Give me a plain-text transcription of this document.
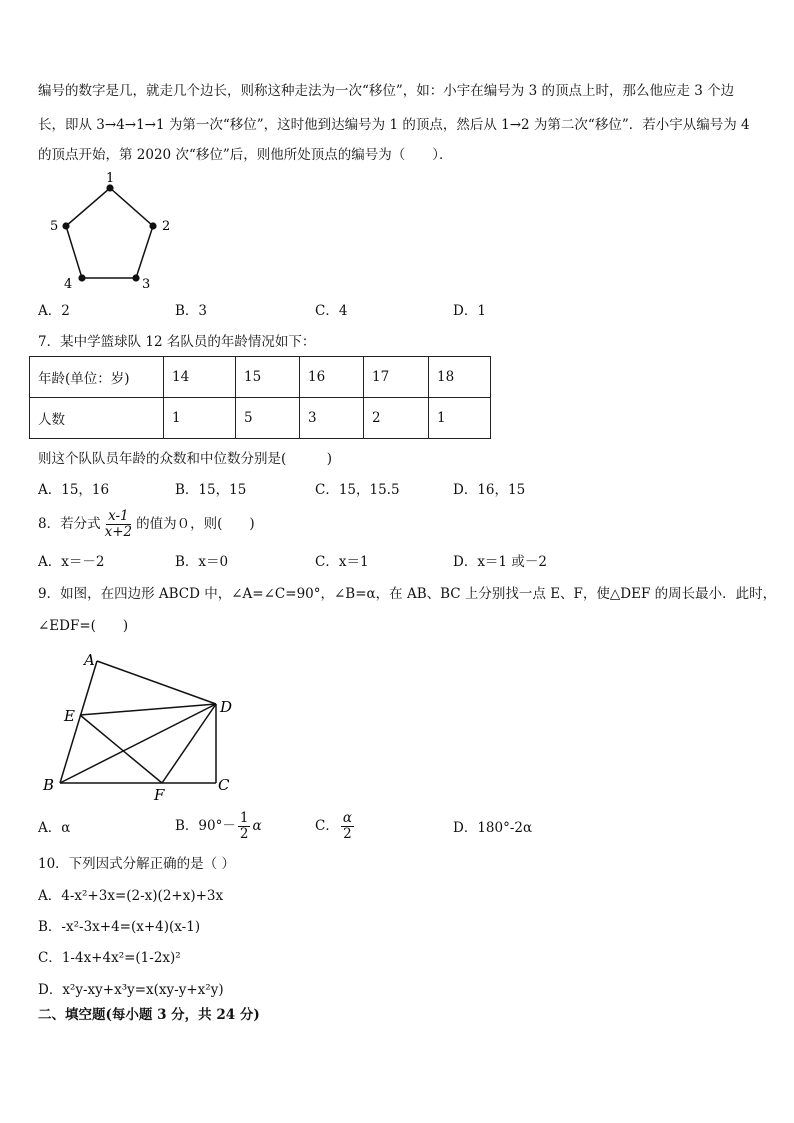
编号的数字是几，就走几个边长，则称这种走法为一次“移位”，如：小宇在编号为 3 的顶点上时，那么他应走 3 个边
长，即从 3→4→1→1 为第一次“移位”，这时他到达编号为 1 的顶点，然后从 1→2 为第二次“移位”．若小宇从编号为 4
的顶点开始，第 2020 次“移位”后，则他所处顶点的编号为（　　）．
1
2
3
4
5
A．2	B．3	C．4	D．1
7．某中学篮球队 12 名队员的年龄情况如下：
年龄(单位：岁)	14	15	16	17	18
人数	1	5	3	2	1
则这个队队员年龄的众数和中位数分别是(　　　)
A．15，16	B．15，15	C．15，15.5	D．16，15
8．若分式 $\frac{x-1}{x+2}$ 的值为０，则(　　)
A．x＝－2	B．x＝0	C．x＝1	D．x＝1 或－2
9．如图，在四边形 ABCD 中，∠A=∠C=90°，∠B=α，在 AB、BC 上分别找一点 E、F，使△DEF 的周长最小．此时，
∠EDF=(　　)
A
E	D
B
F
C
A．α	B．$90^\circ- \frac{1}{2}$ α	C． $\frac{\alpha}{2}$	D．180°-2α
10．下列因式分解正确的是（ ）
A．4-x²+3x=(2-x)(2+x)+3x
B．-x²-3x+4=(x+4)(x-1)
C．1-4x+4x²=(1-2x)²
D．x²y-xy+x³y=x(xy-y+x²y)
二、填空题(每小题 3 分，共 24 分)
